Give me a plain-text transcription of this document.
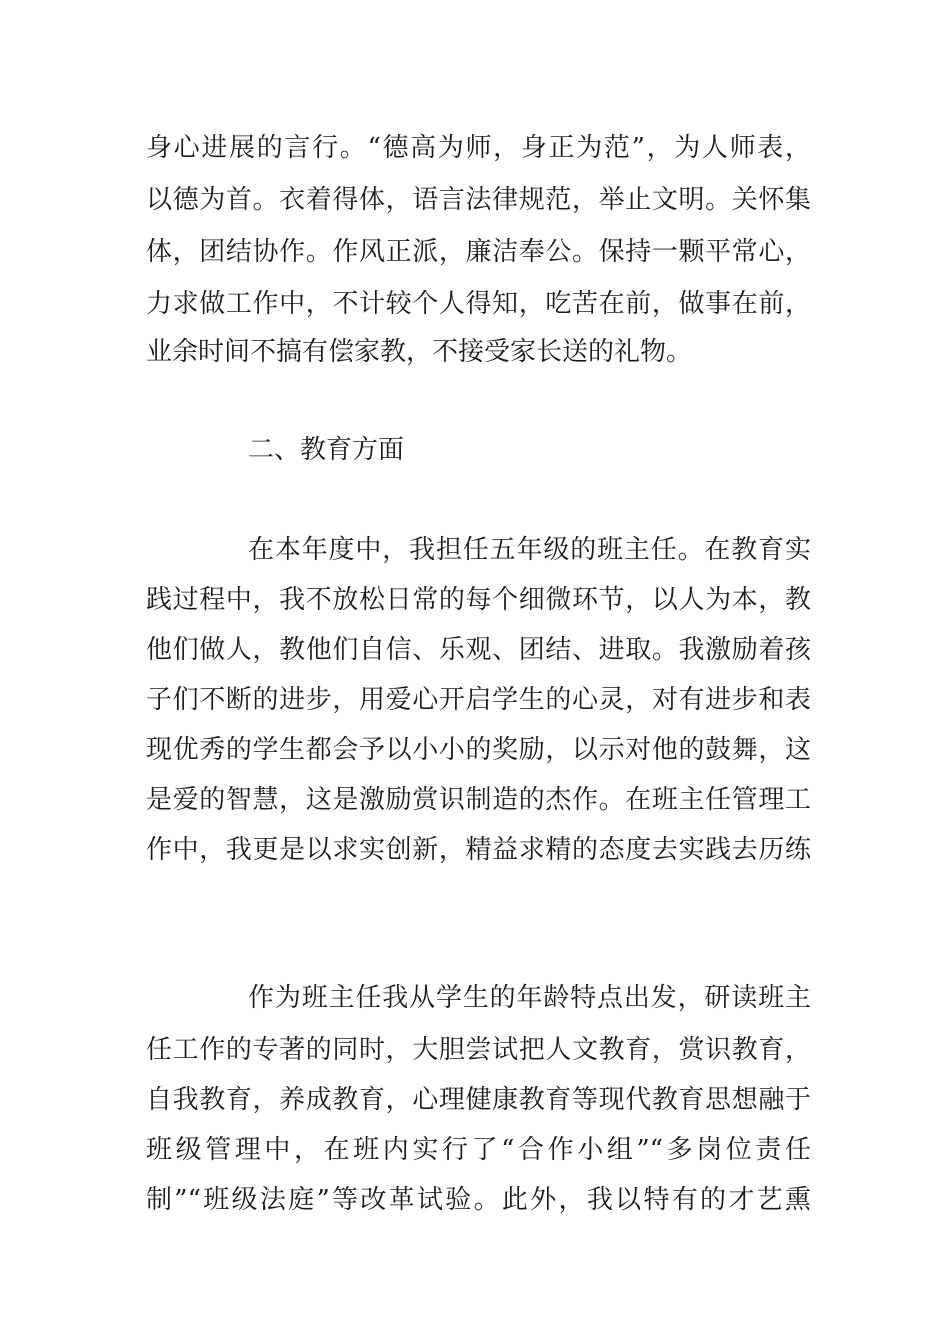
身心进展的言行。“德高为师，身正为范”，为人师表，
以德为首。衣着得体，语言法律规范，举止文明。关怀集
体，团结协作。作风正派，廉洁奉公。保持一颗平常心，
力求做工作中，不计较个人得知，吃苦在前，做事在前，
业余时间不搞有偿家教，不接受家长送的礼物。
二、教育方面
在本年度中，我担任五年级的班主任。在教育实
践过程中，我不放松日常的每个细微环节，以人为本，教
他们做人，教他们自信、乐观、团结、进取。我激励着孩
子们不断的进步，用爱心开启学生的心灵，对有进步和表
现优秀的学生都会予以小小的奖励，以示对他的鼓舞，这
是爱的智慧，这是激励赏识制造的杰作。在班主任管理工
作中，我更是以求实创新，精益求精的态度去实践去历练
作为班主任我从学生的年龄特点出发，研读班主
任工作的专著的同时，大胆尝试把人文教育，赏识教育，
自我教育，养成教育，心理健康教育等现代教育思想融于
班级管理中，在班内实行了“合作小组”“多岗位责任
制”“班级法庭”等改革试验。此外，我以特有的才艺熏
